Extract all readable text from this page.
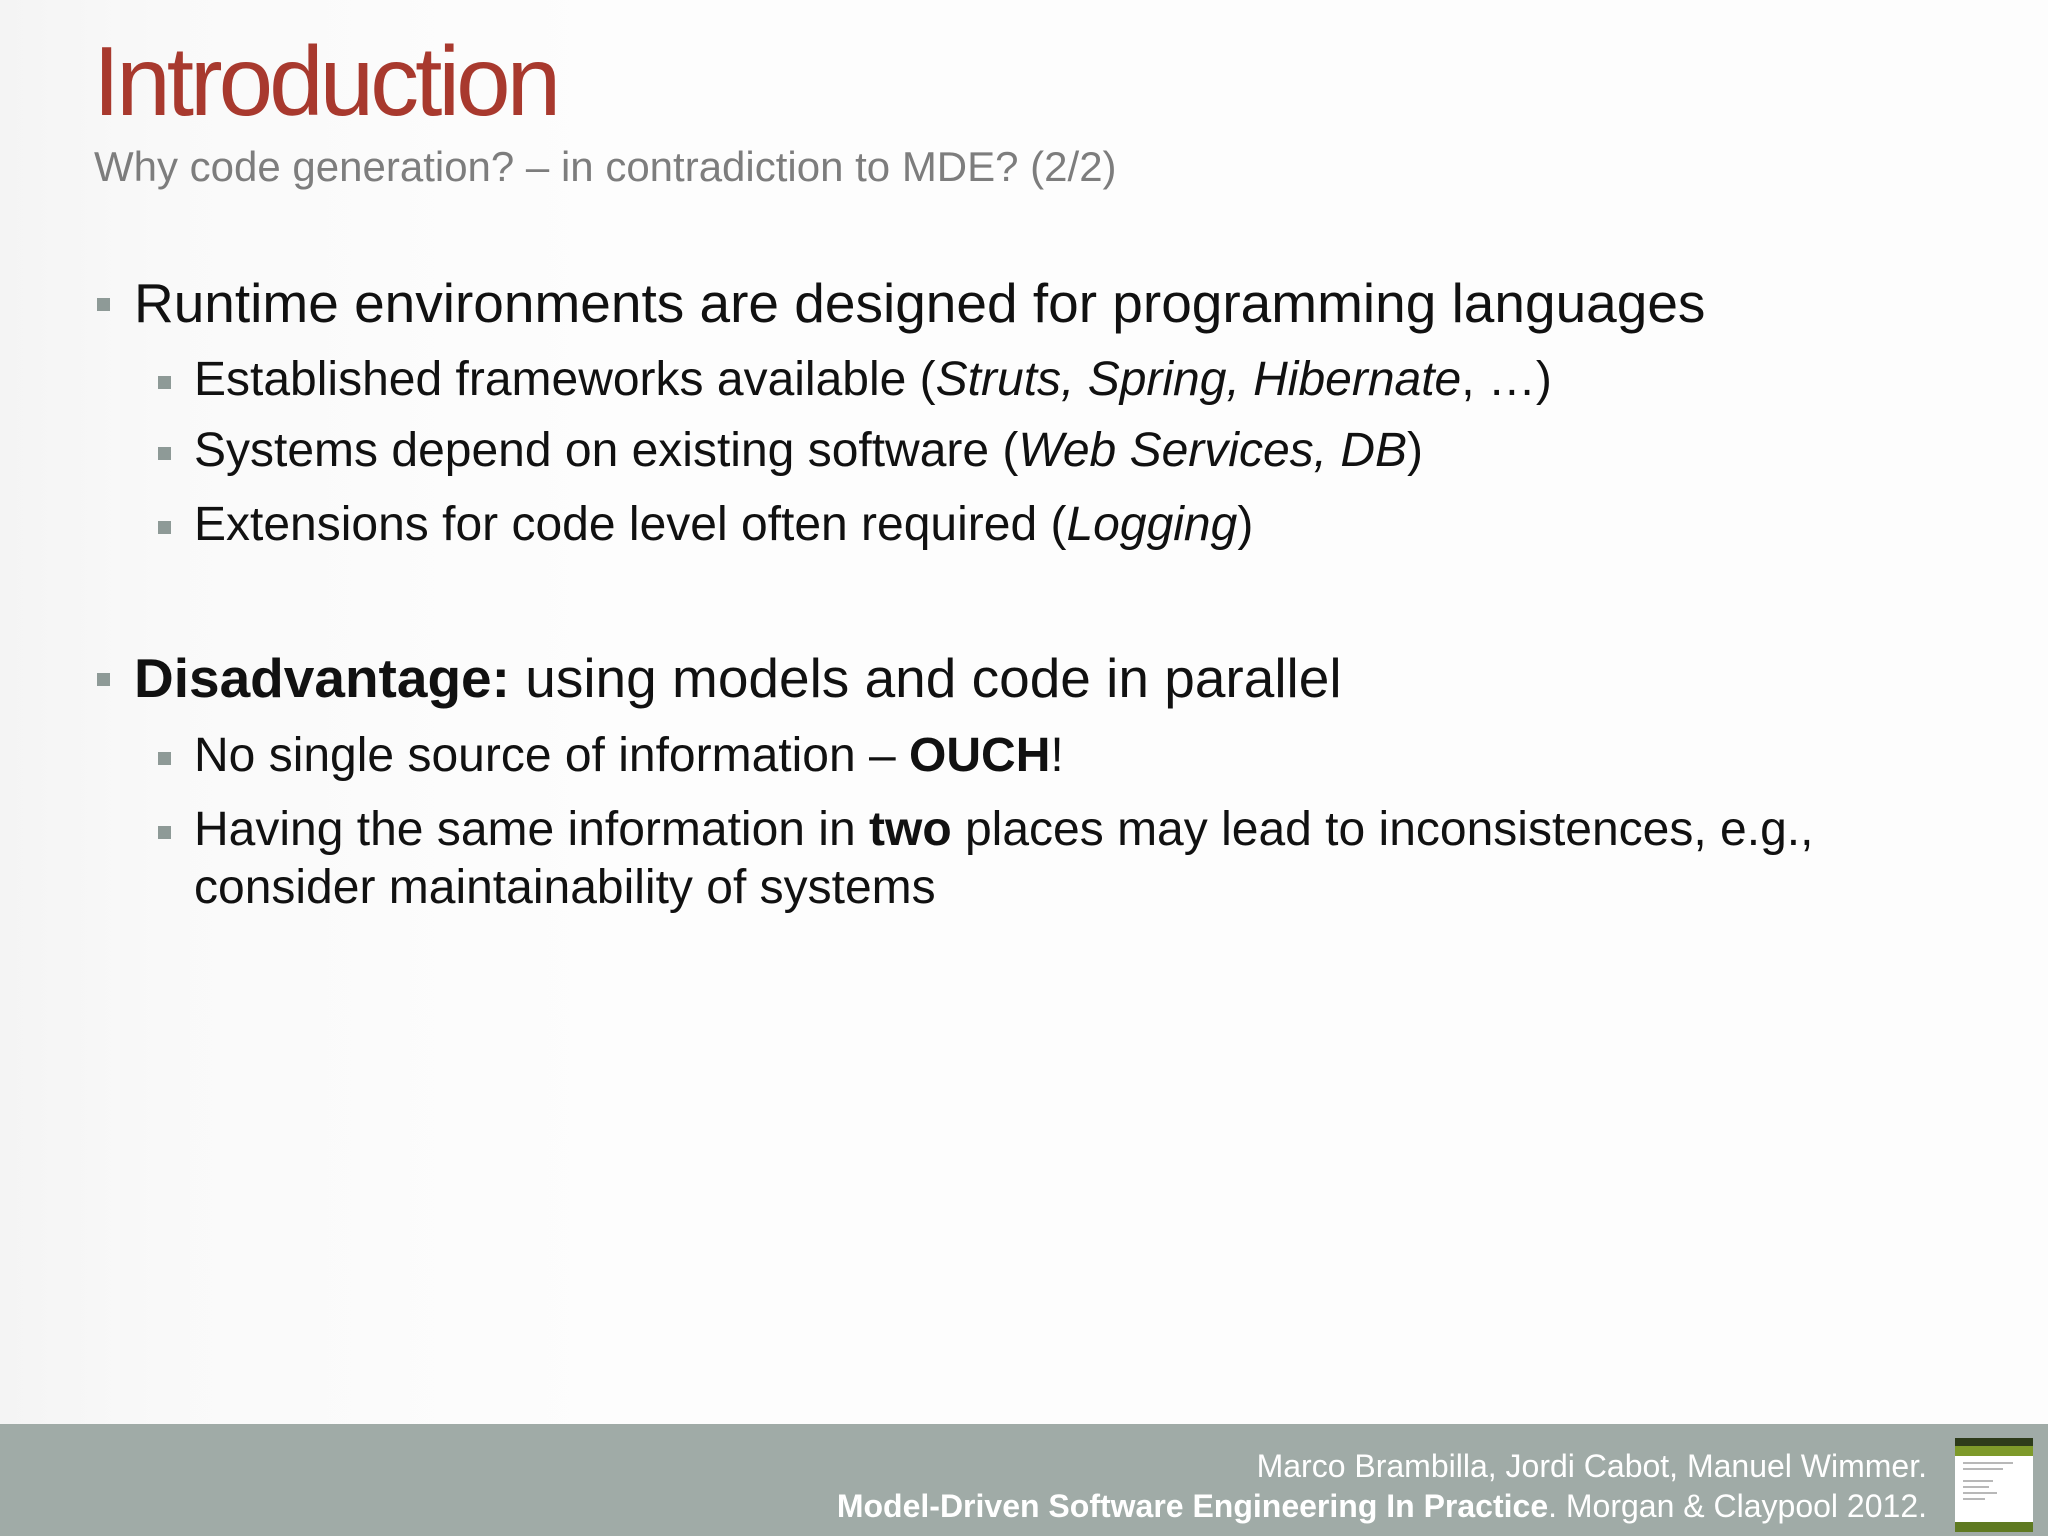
Introduction

Why code generation? – in contradiction to MDE? (2/2)

Runtime environments are designed for programming languages

Established frameworks available (Struts, Spring, Hibernate, …)

Systems depend on existing software (Web Services, DB)

Extensions for code level often required (Logging)

Disadvantage: using models and code in parallel

No single source of information – OUCH!

Having the same information in two places may lead to inconsistences, e.g., consider maintainability of systems

Marco Brambilla, Jordi Cabot, Manuel Wimmer.

Model-Driven Software Engineering In Practice. Morgan & Claypool 2012.
